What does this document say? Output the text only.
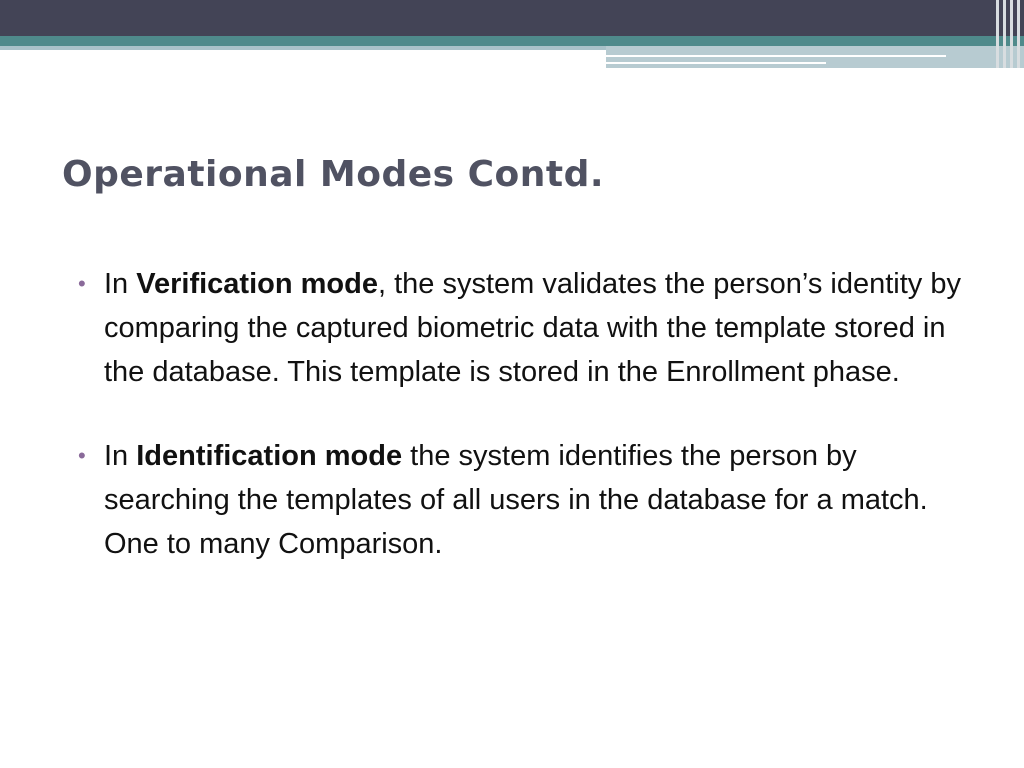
Operational Modes Contd.
• In Verification mode, the system validates the person’s identity by comparing the captured biometric data with the template stored in the database. This template is stored in the Enrollment phase.
• In Identification mode the system identifies the person by searching the templates of all users in the database for a match. One to many Comparison.
